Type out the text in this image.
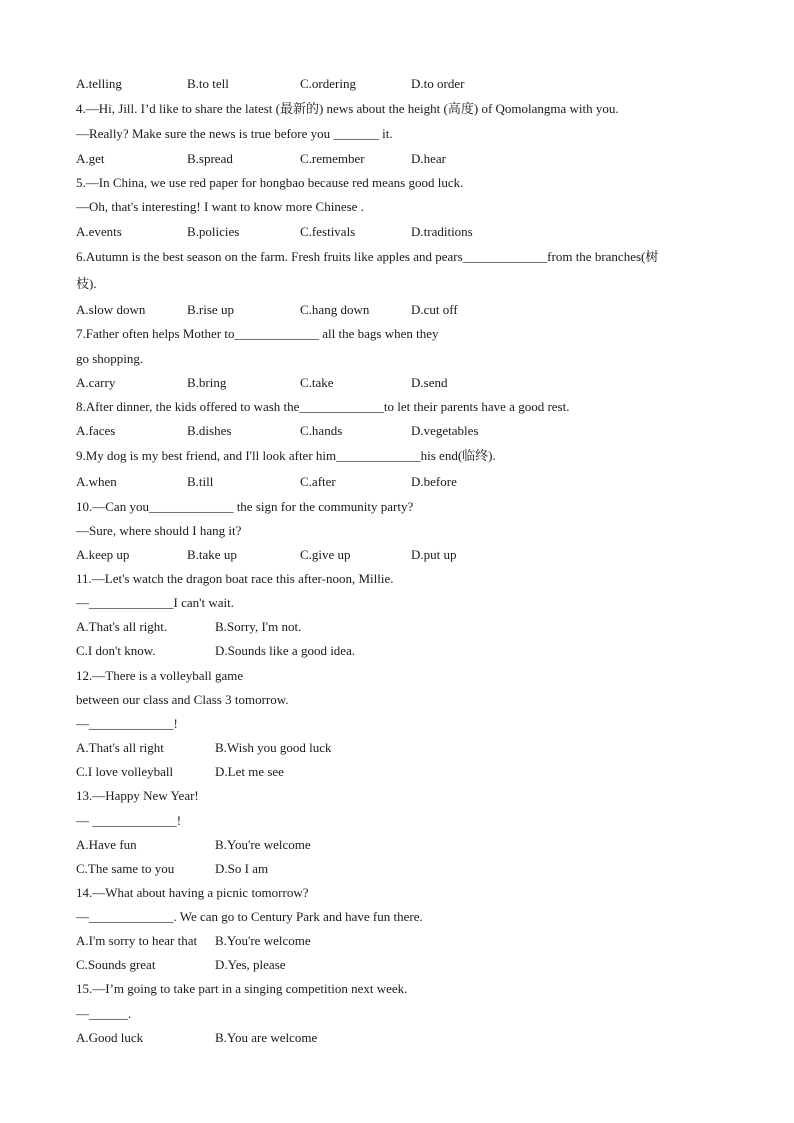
A.telling	B.to tell	C.ordering	D.to order
4.—Hi, Jill. I’d like to share the latest (最新的) news about the height (高度) of Qomolangma with you.
—Really? Make sure the news is true before you _______ it.
A.get	B.spread	C.remember	D.hear
5.—In China, we use red paper for hongbao because red means good luck.
—Oh, that's interesting! I want to know more Chinese .
A.events	B.policies	C.festivals	D.traditions
6.Autumn is the best season on the farm. Fresh fruits like apples and pears_____________from the branches(树
枝).
A.slow down	B.rise up	C.hang down	D.cut off
7.Father often helps Mother to_____________ all the bags when they
go shopping.
A.carry	B.bring	C.take	D.send
8.After dinner, the kids offered to wash the_____________to let their parents have a good rest.
A.faces	B.dishes	C.hands	D.vegetables
9.My dog is my best friend, and I'll look after him_____________his end(临终).
A.when	B.till	C.after	D.before
10.—Can you_____________ the sign for the community party?
—Sure, where should I hang it?
A.keep up	B.take up	C.give up	D.put up
11.—Let's watch the dragon boat race this after-noon, Millie.
—_____________I can't wait.
A.That's all right.	B.Sorry, I'm not.
C.I don't know.	D.Sounds like a good idea.
12.—There is a volleyball game
between our class and Class 3 tomorrow.
—_____________!
A.That's all right	B.Wish you good luck
C.I love volleyball	D.Let me see
13.—Happy New Year!
— _____________!
A.Have fun	B.You're welcome
C.The same to you	D.So I am
14.—What about having a picnic tomorrow?
—_____________. We can go to Century Park and have fun there.
A.I'm sorry to hear that B.You're welcome
C.Sounds great	D.Yes, please
15.—I’m going to take part in a singing competition next week.
—______.
A.Good luck	B.You are welcome
